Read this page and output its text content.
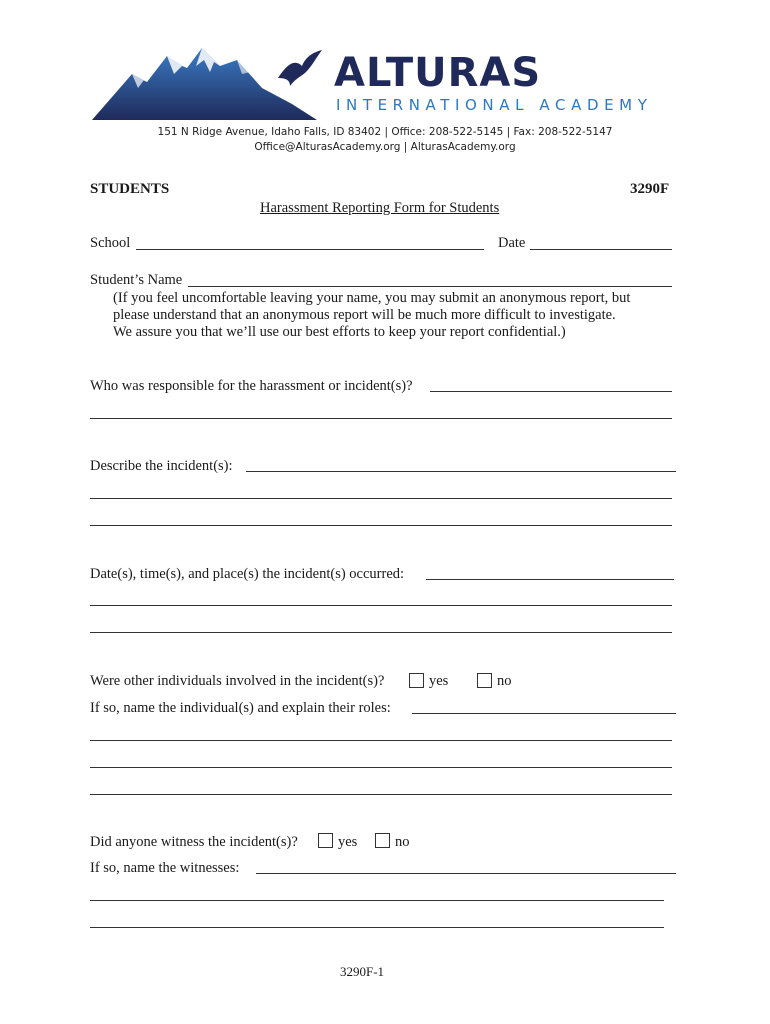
ALTURAS
INTERNATIONAL ACADEMY
151 N Ridge Avenue, Idaho Falls, ID 83402 | Office: 208-522-5145 | Fax: 208-522-5147
Office@AlturasAcademy.org | AlturasAcademy.org
STUDENTS	3290F
Harassment Reporting Form for Students
School	Date
Student’s Name
(If you feel uncomfortable leaving your name, you may submit an anonymous report, but
please understand that an anonymous report will be much more difficult to investigate.
We assure you that we’ll use our best efforts to keep your report confidential.)
Who was responsible for the harassment or incident(s)?
Describe the incident(s):
Date(s), time(s), and place(s) the incident(s) occurred:
Were other individuals involved in the incident(s)?	yes	no
If so, name the individual(s) and explain their roles:
Did anyone witness the incident(s)?	yes	no
If so, name the witnesses:
3290F-1
